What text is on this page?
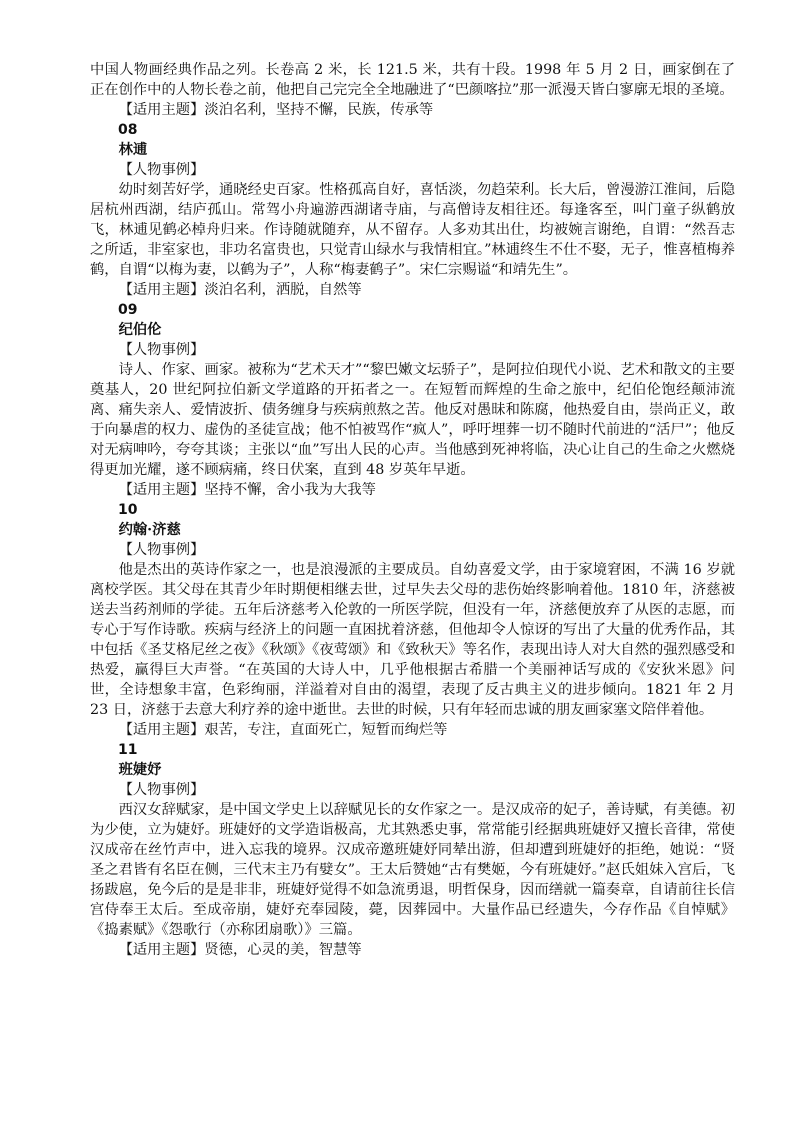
中国人物画经典作品之列。长卷高 2 米，长 121.5 米，共有十段。1998 年 5 月 2 日，画家倒在了正在创作中的人物长卷之前，他把自己完完全全地融进了“巴颜喀拉”那一派漫天皆白寥廓无垠的圣境。

【适用主题】淡泊名利，坚持不懈，民族，传承等

08

林逋

【人物事例】

幼时刻苦好学，通晓经史百家。性格孤高自好，喜恬淡，勿趋荣利。长大后，曾漫游江淮间，后隐居杭州西湖，结庐孤山。常驾小舟遍游西湖诸寺庙，与高僧诗友相往还。每逢客至，叫门童子纵鹤放飞，林逋见鹤必棹舟归来。作诗随就随弃，从不留存。人多劝其出仕，均被婉言谢绝，自谓：“然吾志之所适，非室家也，非功名富贵也，只觉青山绿水与我情相宜。”林逋终生不仕不娶，无子，惟喜植梅养鹤，自谓“以梅为妻，以鹤为子”，人称“梅妻鹤子”。宋仁宗赐谥“和靖先生”。

【适用主题】淡泊名利，洒脱，自然等

09

纪伯伦

【人物事例】

诗人、作家、画家。被称为“艺术天才”“黎巴嫩文坛骄子”，是阿拉伯现代小说、艺术和散文的主要奠基人，20 世纪阿拉伯新文学道路的开拓者之一。在短暂而辉煌的生命之旅中，纪伯伦饱经颠沛流离、痛失亲人、爱情波折、债务缠身与疾病煎熬之苦。他反对愚昧和陈腐，他热爱自由，崇尚正义，敢于向暴虐的权力、虚伪的圣徒宣战；他不怕被骂作“疯人”，呼吁埋葬一切不随时代前进的“活尸”；他反对无病呻吟，夸夸其谈；主张以“血”写出人民的心声。当他感到死神将临，决心让自己的生命之火燃烧得更加光耀，遂不顾病痛，终日伏案，直到 48 岁英年早逝。

【适用主题】坚持不懈，舍小我为大我等

10

约翰·济慈

【人物事例】

他是杰出的英诗作家之一，也是浪漫派的主要成员。自幼喜爱文学，由于家境窘困，不满 16 岁就离校学医。其父母在其青少年时期便相继去世，过早失去父母的悲伤始终影响着他。1810 年，济慈被送去当药剂师的学徒。五年后济慈考入伦敦的一所医学院，但没有一年，济慈便放弃了从医的志愿，而专心于写作诗歌。疾病与经济上的问题一直困扰着济慈，但他却令人惊讶的写出了大量的优秀作品，其中包括《圣艾格尼丝之夜》《秋颂》《夜莺颂》和《致秋天》等名作，表现出诗人对大自然的强烈感受和热爱，赢得巨大声誉。“在英国的大诗人中，几乎他根据古希腊一个美丽神话写成的《安狄米恩》问世，全诗想象丰富，色彩绚丽，洋溢着对自由的渴望，表现了反古典主义的进步倾向。1821 年 2 月 23 日，济慈于去意大利疗养的途中逝世。去世的时候，只有年轻而忠诚的朋友画家塞文陪伴着他。

【适用主题】艰苦，专注，直面死亡，短暂而绚烂等

11

班婕妤

【人物事例】

西汉女辞赋家，是中国文学史上以辞赋见长的女作家之一。是汉成帝的妃子，善诗赋，有美德。初为少使，立为婕妤。班婕妤的文学造诣极高，尤其熟悉史事，常常能引经据典班婕妤又擅长音律，常使汉成帝在丝竹声中，进入忘我的境界。汉成帝邀班婕妤同辇出游，但却遭到班婕妤的拒绝，她说：“贤圣之君皆有名臣在侧，三代末主乃有嬖女”。王太后赞她“古有樊姬，今有班婕妤。”赵氏姐妹入宫后，飞扬跋扈，免今后的是是非非，班婕妤觉得不如急流勇退，明哲保身，因而缮就一篇奏章，自请前往长信宫侍奉王太后。至成帝崩，婕妤充奉园陵，薨，因葬园中。大量作品已经遗失，今存作品《自悼赋》《捣素赋》《怨歌行（亦称团扇歌）》三篇。

【适用主题】贤德，心灵的美，智慧等
